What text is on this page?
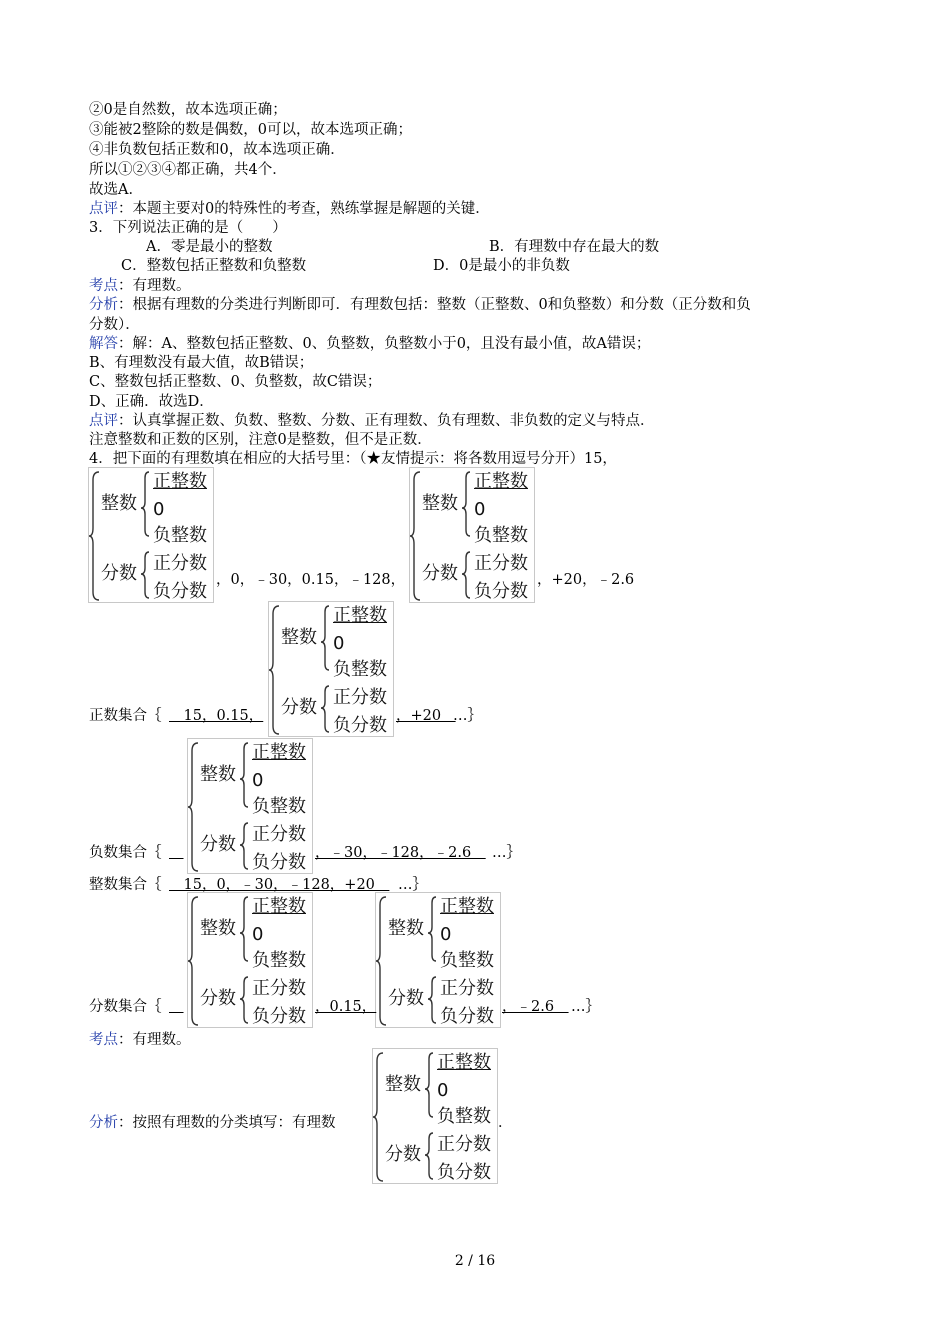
②0是自然数，故本选项正确；
③能被2整除的数是偶数，0可以，故本选项正确；
④非负数包括正数和0，故本选项正确．
所以①②③④都正确，共4个．
故选A．
点评：本题主要对0的特殊性的考查，熟练掌握是解题的关键．
3．下列说法正确的是（　　）
A．零是最小的整数	B．有理数中存在最大的数
C．整数包括正整数和负整数	D．0是最小的非负数
考点：有理数。
分析：根据有理数的分类进行判断即可．有理数包括：整数（正整数、0和负整数）和分数（正分数和负
分数）．
解答：解：A、整数包括正整数、0、负整数，负整数小于0，且没有最小值，故A错误；
B、有理数没有最大值，故B错误；
C、整数包括正整数、0、负整数，故C错误；
D、正确．故选D．
点评：认真掌握正数、负数、整数、分数、正有理数、负有理数、非负数的定义与特点．
注意整数和正数的区别，注意0是整数，但不是正数．
4．把下面的有理数填在相应的大括号里：（★友情提示：将各数用逗号分开）15，
整数
分数
正整数
0
负整数
正分数
负分数
整数
分数
正整数
0
负整数
正分数
负分数
整数
分数
正整数
0
负整数
正分数
负分数
整数
分数
正整数
0
负整数
正分数
负分数
整数
分数
正整数
0
负整数
正分数
负分数
整数
分数
正整数
0
负整数
正分数
负分数
整数
分数
正整数
0
负整数
正分数
负分数
，0，﹣30，0.15，﹣128，	，+20，﹣2.6
正数集合｛ 　15，0.15，	，+20　
…｝
负数集合｛
　	，﹣30，﹣128，﹣2.6　 …｝
整数集合｛ 　15，0，﹣30，﹣128，+20　 …｝
分数集合｛
　	，0.15，	，﹣2.6　 …｝
考点：有理数。
分析：按照有理数的分类填写：有理数	．
2 / 16
